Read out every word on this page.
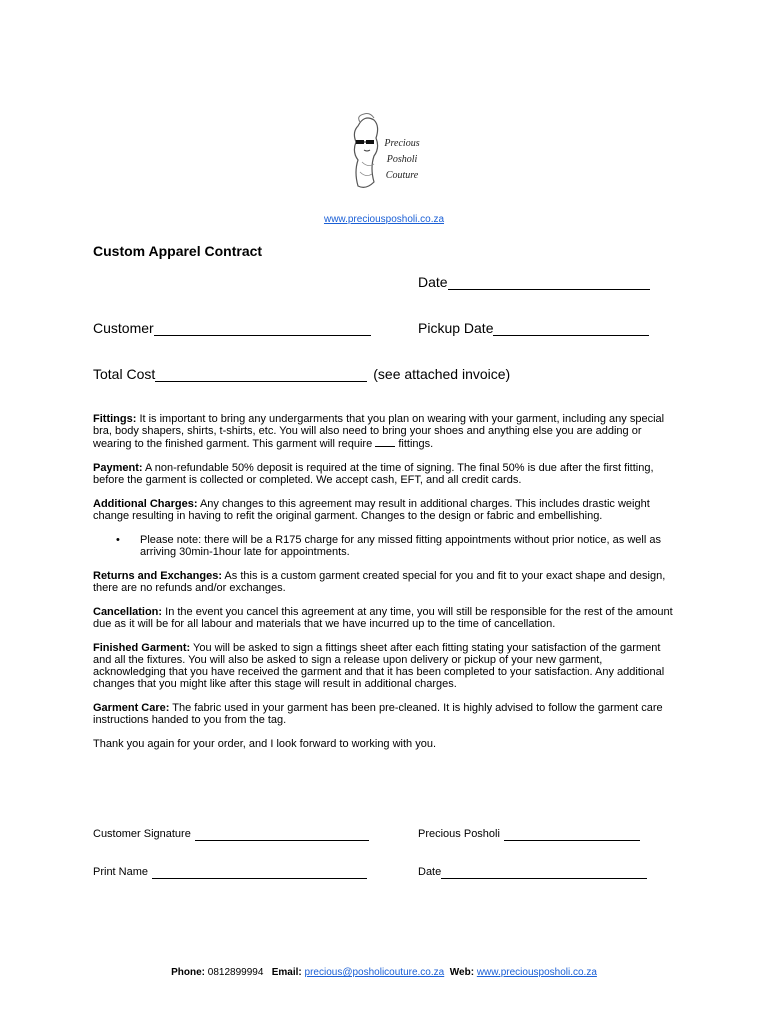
Precious
Posholi
Couture
www.preciousposholi.co.za
Custom Apparel Contract
Date
Customer	Pickup Date
Total Cost	(see attached invoice)

Fittings: It is important to bring any undergarments that you plan on wearing with your garment, including any special bra, body shapers, shirts, t-shirts, etc. You will also need to bring your shoes and anything else you are adding or wearing to the finished garment. This garment will require  fittings.

Payment: A non-refundable 50% deposit is required at the time of signing. The final 50% is due after the first fitting, before the garment is collected or completed. We accept cash, EFT, and all credit cards.

Additional Charges: Any changes to this agreement may result in additional charges. This includes drastic weight change resulting in having to refit the original garment. Changes to the design or fabric and embellishing.

• Please note: there will be a R175 charge for any missed fitting appointments without prior notice, as well as arriving 30min-1hour late for appointments.

Returns and Exchanges: As this is a custom garment created special for you and fit to your exact shape and design, there are no refunds and/or exchanges.

Cancellation: In the event you cancel this agreement at any time, you will still be responsible for the rest of the amount due as it will be for all labour and materials that we have incurred up to the time of cancellation.

Finished Garment: You will be asked to sign a fittings sheet after each fitting stating your satisfaction of the garment and all the fixtures. You will also be asked to sign a release upon delivery or pickup of your new garment, acknowledging that you have received the garment and that it has been completed to your satisfaction. Any additional changes that you might like after this stage will result in additional charges.

Garment Care: The fabric used in your garment has been pre-cleaned. It is highly advised to follow the garment care instructions handed to you from the tag.

Thank you again for your order, and I look forward to working with you.

Customer Signature	Precious Posholi
Print Name	Date
Phone: 0812899994 Email: precious@posholicouture.co.za Web: www.preciousposholi.co.za
